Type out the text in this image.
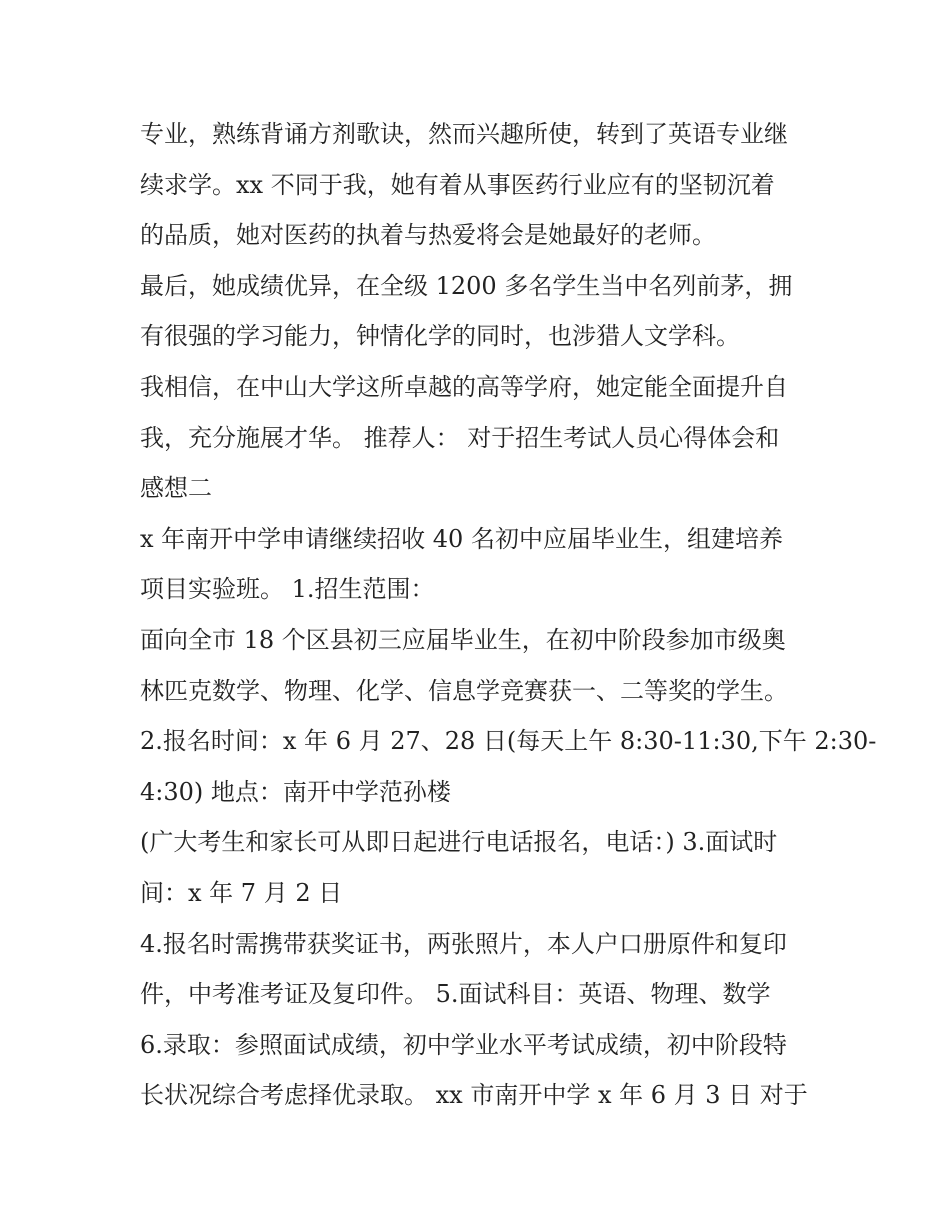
专业，熟练背诵方剂歌诀，然而兴趣所使，转到了英语专业继
续求学。xx 不同于我，她有着从事医药行业应有的坚韧沉着
的品质，她对医药的执着与热爱将会是她最好的老师。
最后，她成绩优异，在全级 1200 多名学生当中名列前茅，拥
有很强的学习能力，钟情化学的同时，也涉猎人文学科。
我相信，在中山大学这所卓越的高等学府，她定能全面提升自
我，充分施展才华。 推荐人： 对于招生考试人员心得体会和
感想二
x 年南开中学申请继续招收 40 名初中应届毕业生，组建培养
项目实验班。 1.招生范围：
面向全市 18 个区县初三应届毕业生，在初中阶段参加市级奥
林匹克数学、物理、化学、信息学竞赛获一、二等奖的学生。
2.报名时间：x 年 6 月 27、28 日(每天上午 8:30-11:30,下午 2:30-
4:30) 地点：南开中学范孙楼
(广大考生和家长可从即日起进行电话报名，电话：) 3.面试时
间：x 年 7 月 2 日
4.报名时需携带获奖证书，两张照片，本人户口册原件和复印
件，中考准考证及复印件。 5.面试科目：英语、物理、数学
6.录取：参照面试成绩，初中学业水平考试成绩，初中阶段特
长状况综合考虑择优录取。 xx 市南开中学 x 年 6 月 3 日 对于
